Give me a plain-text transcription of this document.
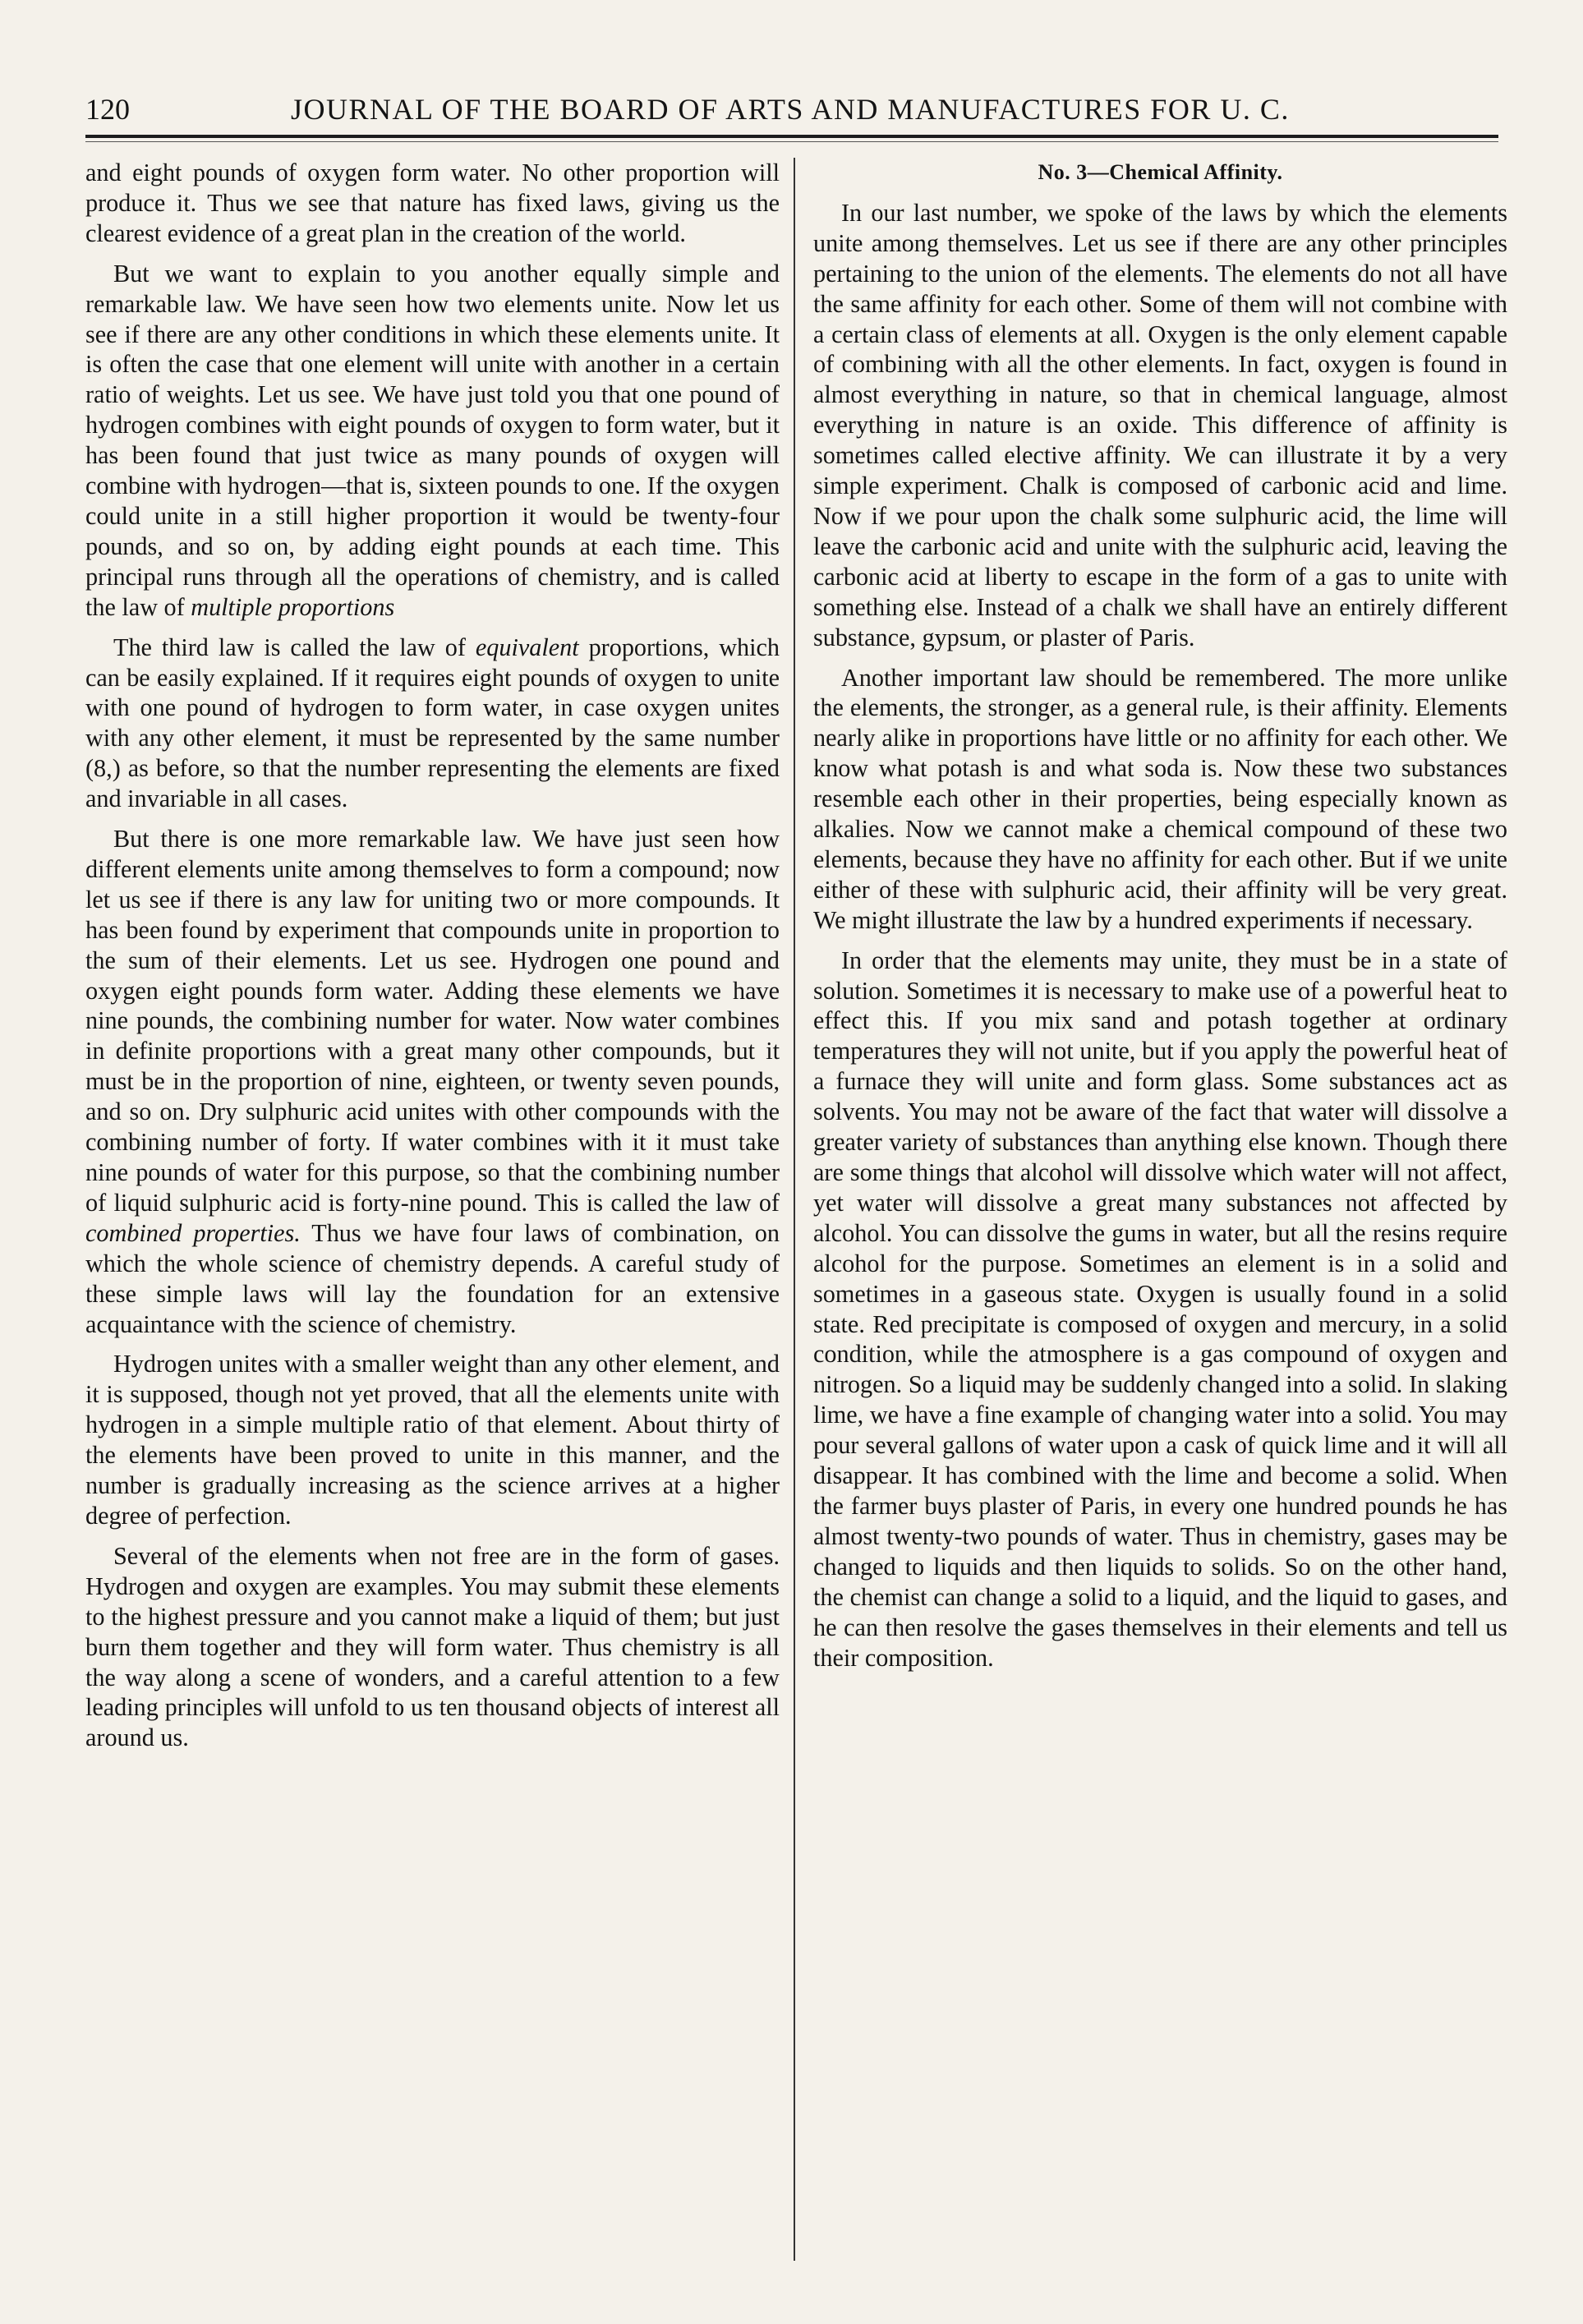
120	JOURNAL OF THE BOARD OF ARTS AND MANUFACTURES FOR U. C.

and eight pounds of oxygen form water. No other proportion will produce it. Thus we see that nature has fixed laws, giving us the clearest evidence of a great plan in the creation of the world.

But we want to explain to you another equally simple and remarkable law. We have seen how two elements unite. Now let us see if there are any other conditions in which these elements unite. It is often the case that one element will unite with another in a certain ratio of weights. Let us see. We have just told you that one pound of hydrogen combines with eight pounds of oxygen to form water, but it has been found that just twice as many pounds of oxygen will combine with hydrogen—that is, sixteen pounds to one. If the oxygen could unite in a still higher proportion it would be twenty-four pounds, and so on, by adding eight pounds at each time. This principal runs through all the operations of chemistry, and is called the law of multiple proportions

The third law is called the law of equivalent proportions, which can be easily explained. If it requires eight pounds of oxygen to unite with one pound of hydrogen to form water, in case oxygen unites with any other element, it must be represented by the same number (8,) as before, so that the number representing the elements are fixed and invariable in all cases.

But there is one more remarkable law. We have just seen how different elements unite among themselves to form a compound; now let us see if there is any law for uniting two or more compounds. It has been found by experiment that compounds unite in proportion to the sum of their elements. Let us see. Hydrogen one pound and oxygen eight pounds form water. Adding these elements we have nine pounds, the combining number for water. Now water combines in definite proportions with a great many other compounds, but it must be in the proportion of nine, eighteen, or twenty seven pounds, and so on. Dry sulphuric acid unites with other compounds with the combining number of forty. If water combines with it it must take nine pounds of water for this purpose, so that the combining number of liquid sulphuric acid is forty-nine pound. This is called the law of combined properties. Thus we have four laws of combination, on which the whole science of chemistry depends. A careful study of these simple laws will lay the foundation for an extensive acquaintance with the science of chemistry.

Hydrogen unites with a smaller weight than any other element, and it is supposed, though not yet proved, that all the elements unite with hydrogen in a simple multiple ratio of that element. About thirty of the elements have been proved to unite in this manner, and the number is gradually increasing as the science arrives at a higher degree of perfection.

Several of the elements when not free are in the form of gases. Hydrogen and oxygen are examples. You may submit these elements to the highest pressure and you cannot make a liquid of them; but just burn them together and they will form water. Thus chemistry is all the way along a scene of wonders, and a careful attention to a few leading principles will unfold to us ten thousand objects of interest all around us.

No. 3—Chemical Affinity.

In our last number, we spoke of the laws by which the elements unite among themselves. Let us see if there are any other principles pertaining to the union of the elements. The elements do not all have the same affinity for each other. Some of them will not combine with a certain class of elements at all. Oxygen is the only element capable of combining with all the other elements. In fact, oxygen is found in almost everything in nature, so that in chemical language, almost everything in nature is an oxide. This difference of affinity is sometimes called elective affinity. We can illustrate it by a very simple experiment. Chalk is composed of carbonic acid and lime. Now if we pour upon the chalk some sulphuric acid, the lime will leave the carbonic acid and unite with the sulphuric acid, leaving the carbonic acid at liberty to escape in the form of a gas to unite with something else. Instead of a chalk we shall have an entirely different substance, gypsum, or plaster of Paris.

Another important law should be remembered. The more unlike the elements, the stronger, as a general rule, is their affinity. Elements nearly alike in proportions have little or no affinity for each other. We know what potash is and what soda is. Now these two substances resemble each other in their properties, being especially known as alkalies. Now we cannot make a chemical compound of these two elements, because they have no affinity for each other. But if we unite either of these with sulphuric acid, their affinity will be very great. We might illustrate the law by a hundred experiments if necessary.

In order that the elements may unite, they must be in a state of solution. Sometimes it is necessary to make use of a powerful heat to effect this. If you mix sand and potash together at ordinary temperatures they will not unite, but if you apply the powerful heat of a furnace they will unite and form glass. Some substances act as solvents. You may not be aware of the fact that water will dissolve a greater variety of substances than anything else known. Though there are some things that alcohol will dissolve which water will not affect, yet water will dissolve a great many substances not affected by alcohol. You can dissolve the gums in water, but all the resins require alcohol for the purpose. Sometimes an element is in a solid and sometimes in a gaseous state. Oxygen is usually found in a solid state. Red precipitate is composed of oxygen and mercury, in a solid condition, while the atmosphere is a gas compound of oxygen and nitrogen. So a liquid may be suddenly changed into a solid. In slaking lime, we have a fine example of changing water into a solid. You may pour several gallons of water upon a cask of quick lime and it will all disappear. It has combined with the lime and become a solid. When the farmer buys plaster of Paris, in every one hundred pounds he has almost twenty-two pounds of water. Thus in chemistry, gases may be changed to liquids and then liquids to solids. So on the other hand, the chemist can change a solid to a liquid, and the liquid to gases, and he can then resolve the gases themselves in their elements and tell us their composition.
